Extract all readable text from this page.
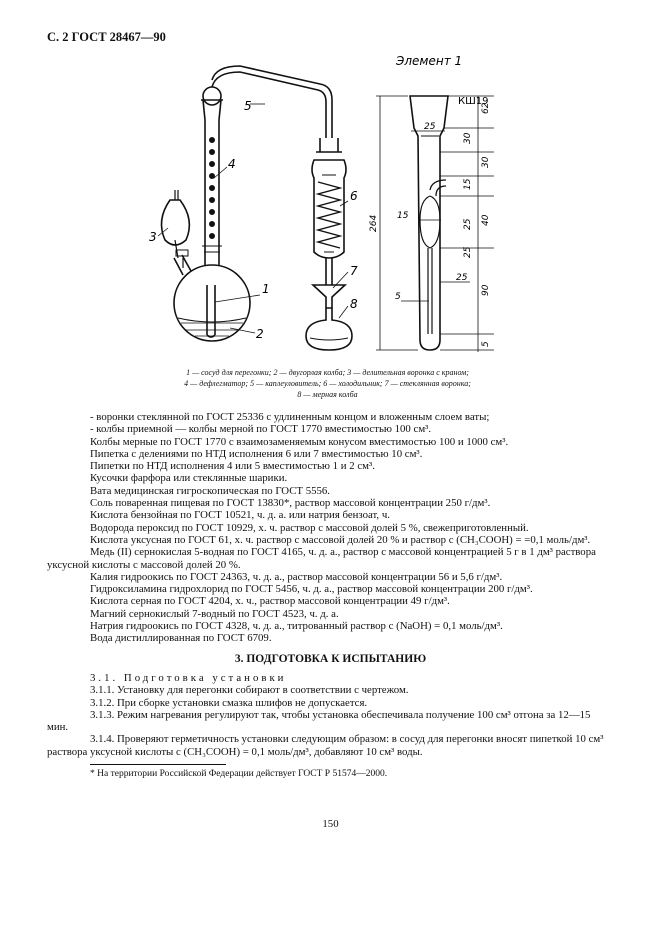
С. 2 ГОСТ 28467—90
1
2
3
4
5
6
7
8
Элемент 1
КШ19
62
30
30
15
40
25
90
5
264
25
15
25
25
5
1 — сосуд для перегонки; 2 — двугорлая колба; 3 — делительная воронка с краном;
4 — дефлегматор; 5 — каплеуловитель; 6 — холодильник; 7 — стеклянная воронка;
8 — мерная колба

- воронки стеклянной по ГОСТ 25336 с удлиненным концом и вложенным слоем ваты;

- колбы приемной — колбы мерной по ГОСТ 1770 вместимостью 100 см³.

Колбы мерные по ГОСТ 1770 с взаимозаменяемым конусом вместимостью 100 и 1000 см³.

Пипетка с делениями по НТД исполнения 6 или 7 вместимостью 10 см³.

Пипетки по НТД исполнения 4 или 5 вместимостью 1 и 2 см³.

Кусочки фарфора или стеклянные шарики.

Вата медицинская гигроскопическая по ГОСТ 5556.

Соль поваренная пищевая по ГОСТ 13830*, раствор массовой концентрации 250 г/дм³.

Кислота бензойная по ГОСТ 10521, ч. д. а. или натрия бензоат, ч.

Водорода пероксид по ГОСТ 10929, х. ч. раствор с массовой долей 5 %, свежеприготовленный.

Кислота уксусная по ГОСТ 61, х. ч. раствор с массовой долей 20 % и раствор c (CH₃COOH) = =0,1 моль/дм³.

Медь (II) сернокислая 5-водная по ГОСТ 4165, ч. д. а., раствор с массовой концентрацией 5 г в 1 дм³ раствора уксусной кислоты с массовой долей 20 %.

Калия гидроокись по ГОСТ 24363, ч. д. а., раствор массовой концентрации 56 и 5,6 г/дм³.

Гидроксиламина гидрохлорид по ГОСТ 5456, ч. д. а., раствор массовой концентрации 200 г/дм³.

Кислота серная по ГОСТ 4204, х. ч., раствор массовой концентрации 49 г/дм³.

Магний сернокислый 7-водный по ГОСТ 4523, ч. д. а.

Натрия гидроокись по ГОСТ 4328, ч. д. а., титрованный раствор c (NaOH) = 0,1 моль/дм³.

Вода дистиллированная по ГОСТ 6709.

3. ПОДГОТОВКА К ИСПЫТАНИЮ

3.1. Подготовка установки

3.1.1. Установку для перегонки собирают в соответствии с чертежом.

3.1.2. При сборке установки смазка шлифов не допускается.

3.1.3. Режим нагревания регулируют так, чтобы установка обеспечивала получение 100 см³ отгона за 12—15 мин.

3.1.4. Проверяют герметичность установки следующим образом: в сосуд для перегонки вносят пипеткой 10 см³ раствора уксусной кислоты c (CH₃COOH) = 0,1 моль/дм³, добавляют 10 см³ воды.

* На территории Российской Федерации действует ГОСТ Р 51574—2000.

150
